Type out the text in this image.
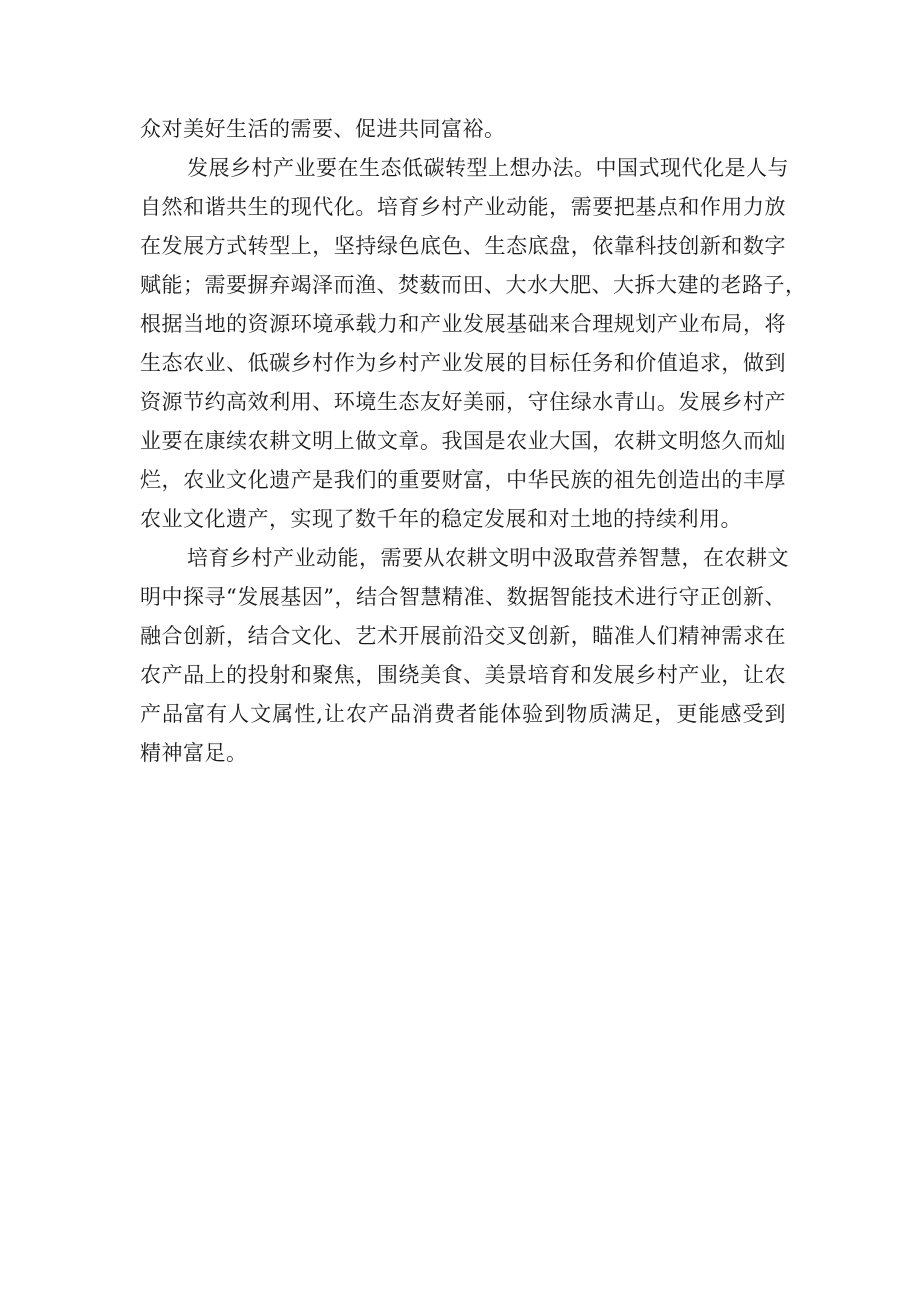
众对美好生活的需要、促进共同富裕。
发展乡村产业要在生态低碳转型上想办法。中国式现代化是人与
自然和谐共生的现代化。培育乡村产业动能，需要把基点和作用力放
在发展方式转型上，坚持绿色底色、生态底盘，依靠科技创新和数字
赋能；需要摒弃竭泽而渔、焚薮而田、大水大肥、大拆大建的老路子，
根据当地的资源环境承载力和产业发展基础来合理规划产业布局，将
生态农业、低碳乡村作为乡村产业发展的目标任务和价值追求，做到
资源节约高效利用、环境生态友好美丽，守住绿水青山。发展乡村产
业要在康续农耕文明上做文章。我国是农业大国，农耕文明悠久而灿
烂，农业文化遗产是我们的重要财富，中华民族的祖先创造出的丰厚
农业文化遗产，实现了数千年的稳定发展和对土地的持续利用。
培育乡村产业动能，需要从农耕文明中汲取营养智慧，在农耕文
明中探寻“发展基因”，结合智慧精准、数据智能技术进行守正创新、
融合创新，结合文化、艺术开展前沿交叉创新，瞄准人们精神需求在
农产品上的投射和聚焦，围绕美食、美景培育和发展乡村产业，让农
产品富有人文属性,让农产品消费者能体验到物质满足，更能感受到
精神富足。
